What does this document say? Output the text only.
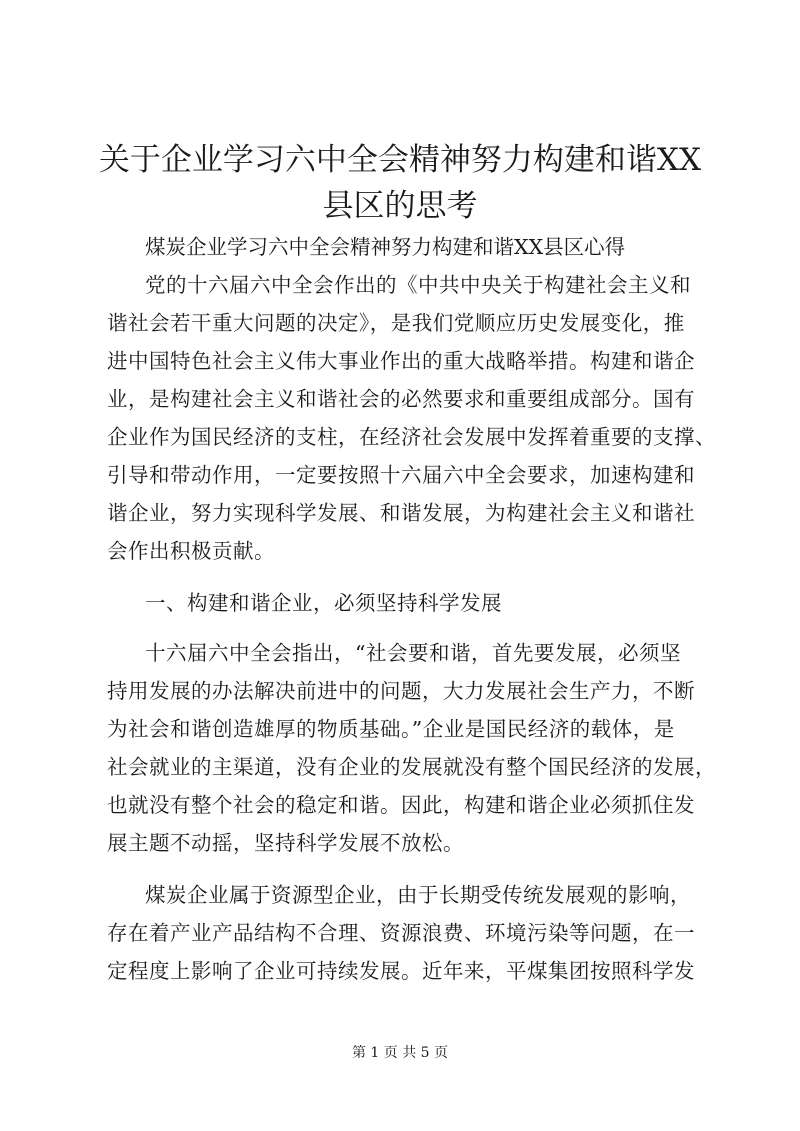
关于企业学习六中全会精神努力构建和谐XX
县区的思考
煤炭企业学习六中全会精神努力构建和谐XX县区心得
党的十六届六中全会作出的《中共中央关于构建社会主义和
谐社会若干重大问题的决定》，是我们党顺应历史发展变化，推
进中国特色社会主义伟大事业作出的重大战略举措。构建和谐企
业，是构建社会主义和谐社会的必然要求和重要组成部分。国有
企业作为国民经济的支柱，在经济社会发展中发挥着重要的支撑、
引导和带动作用，一定要按照十六届六中全会要求，加速构建和
谐企业，努力实现科学发展、和谐发展，为构建社会主义和谐社
会作出积极贡献。
一、构建和谐企业，必须坚持科学发展
十六届六中全会指出，“社会要和谐，首先要发展，必须坚
持用发展的办法解决前进中的问题，大力发展社会生产力，不断
为社会和谐创造雄厚的物质基础。”企业是国民经济的载体，是
社会就业的主渠道，没有企业的发展就没有整个国民经济的发展，
也就没有整个社会的稳定和谐。因此，构建和谐企业必须抓住发
展主题不动摇，坚持科学发展不放松。
煤炭企业属于资源型企业，由于长期受传统发展观的影响，
存在着产业产品结构不合理、资源浪费、环境污染等问题，在一
定程度上影响了企业可持续发展。近年来，平煤集团按照科学发
第 1 页 共 5 页
